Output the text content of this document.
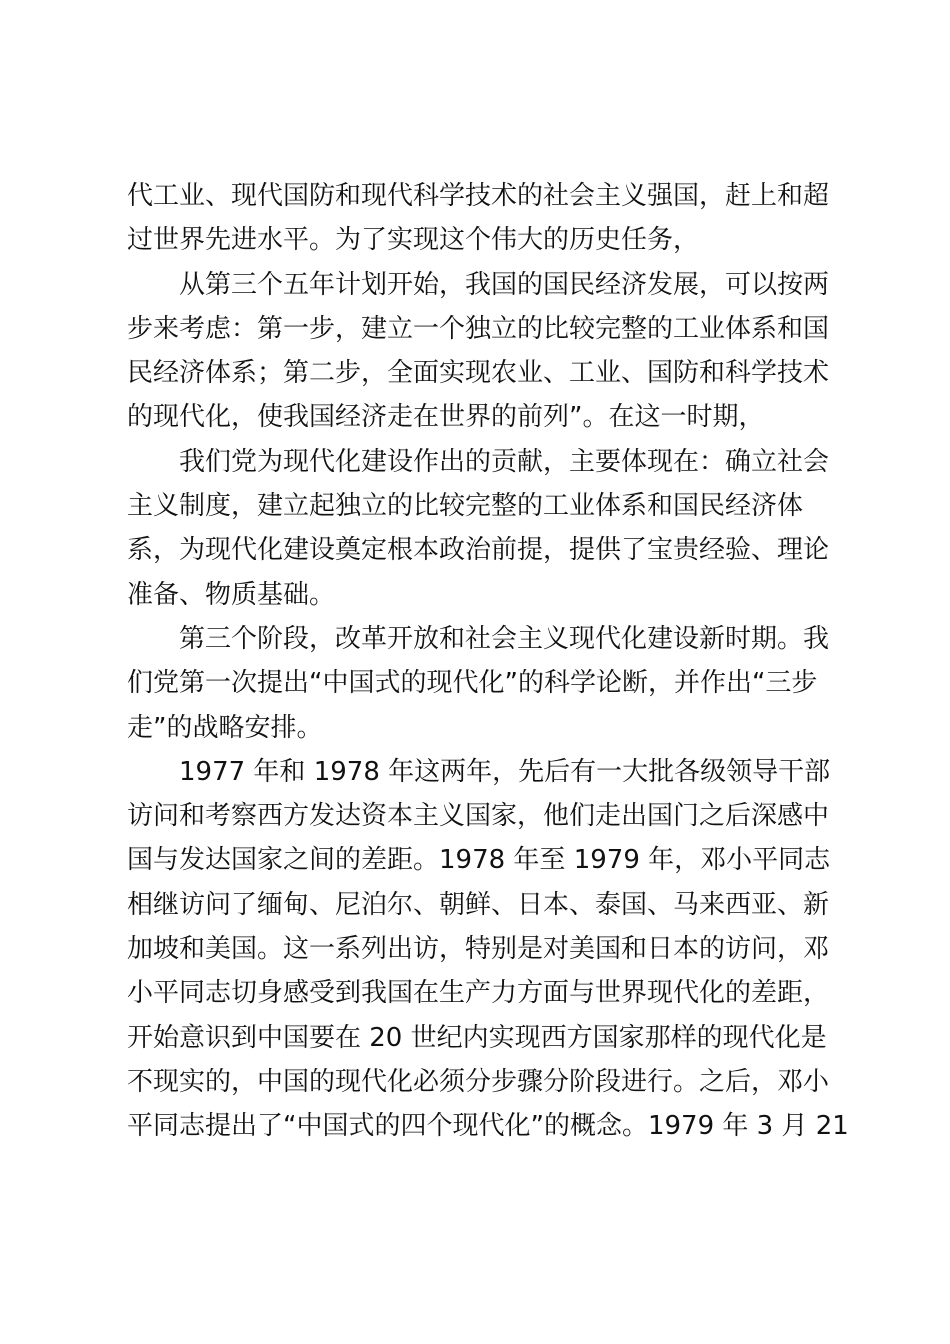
代工业、现代国防和现代科学技术的社会主义强国，赶上和超
过世界先进水平。为了实现这个伟大的历史任务，
从第三个五年计划开始，我国的国民经济发展，可以按两
步来考虑：第一步，建立一个独立的比较完整的工业体系和国
民经济体系；第二步，全面实现农业、工业、国防和科学技术
的现代化，使我国经济走在世界的前列”。在这一时期，
我们党为现代化建设作出的贡献，主要体现在：确立社会
主义制度，建立起独立的比较完整的工业体系和国民经济体
系，为现代化建设奠定根本政治前提，提供了宝贵经验、理论
准备、物质基础。
第三个阶段，改革开放和社会主义现代化建设新时期。我
们党第一次提出“中国式的现代化”的科学论断，并作出“三步
走”的战略安排。
1977 年和 1978 年这两年，先后有一大批各级领导干部
访问和考察西方发达资本主义国家，他们走出国门之后深感中
国与发达国家之间的差距。1978 年至 1979 年，邓小平同志
相继访问了缅甸、尼泊尔、朝鲜、日本、泰国、马来西亚、新
加坡和美国。这一系列出访，特别是对美国和日本的访问，邓
小平同志切身感受到我国在生产力方面与世界现代化的差距，
开始意识到中国要在 20 世纪内实现西方国家那样的现代化是
不现实的，中国的现代化必须分步骤分阶段进行。之后，邓小
平同志提出了“中国式的四个现代化”的概念。1979 年 3 月 21
